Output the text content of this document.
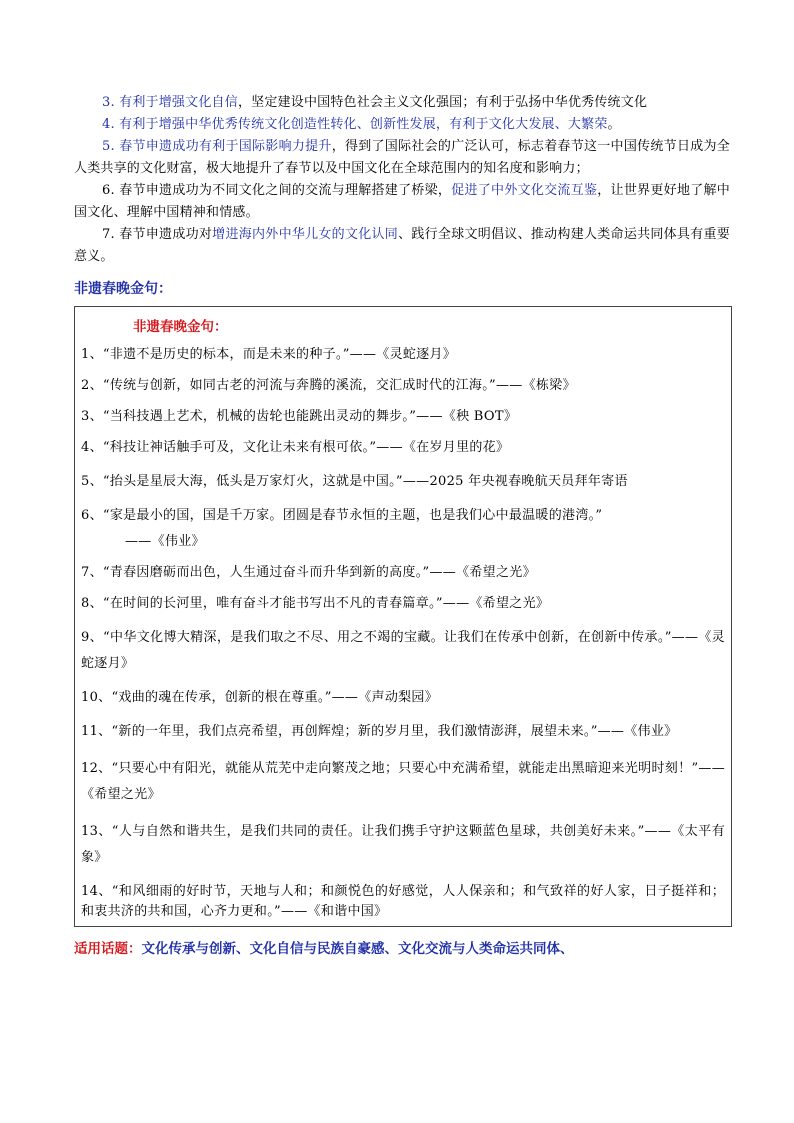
3. 有利于增强文化自信，坚定建设中国特色社会主义文化强国；有利于弘扬中华优秀传统文化

4. 有利于增强中华优秀传统文化创造性转化、创新性发展，有利于文化大发展、大繁荣。

5. 春节申遗成功有利于国际影响力提升，得到了国际社会的广泛认可，标志着春节这一中国传统节日成为全人类共享的文化财富，极大地提升了春节以及中国文化在全球范围内的知名度和影响力；

6. 春节申遗成功为不同文化之间的交流与理解搭建了桥梁，促进了中外文化交流互鉴，让世界更好地了解中国文化、理解中国精神和情感。

7. 春节申遗成功对增进海内外中华儿女的文化认同、践行全球文明倡议、推动构建人类命运共同体具有重要意义。

非遗春晚金句：
非遗春晚金句：

1、“非遗不是历史的标本，而是未来的种子。”——《灵蛇逐月》

2、“传统与创新，如同古老的河流与奔腾的溪流，交汇成时代的江海。”——《栋梁》

3、“当科技遇上艺术，机械的齿轮也能跳出灵动的舞步。”——《秧 BOT》

4、“科技让神话触手可及，文化让未来有根可依。”——《在岁月里的花》

5、“抬头是星辰大海，低头是万家灯火，这就是中国。”——2025 年央视春晚航天员拜年寄语

6、“家是最小的国，国是千万家。团圆是春节永恒的主题，也是我们心中最温暖的港湾。”

——《伟业》

7、“青春因磨砺而出色，人生通过奋斗而升华到新的高度。”——《希望之光》

8、“在时间的长河里，唯有奋斗才能书写出不凡的青春篇章。”——《希望之光》

9、“中华文化博大精深，是我们取之不尽、用之不竭的宝藏。让我们在传承中创新，在创新中传承。”——《灵蛇逐月》

10、“戏曲的魂在传承，创新的根在尊重。”——《声动梨园》

11、“新的一年里，我们点亮希望，再创辉煌；新的岁月里，我们激情澎湃，展望未来。”——《伟业》

12、“只要心中有阳光，就能从荒芜中走向繁茂之地；只要心中充满希望，就能走出黑暗迎来光明时刻！”——《希望之光》

13、“人与自然和谐共生，是我们共同的责任。让我们携手守护这颗蓝色星球，共创美好未来。”——《太平有象》

14、“和风细雨的好时节，天地与人和；和颜悦色的好感觉，人人保亲和；和气致祥的好人家，日子挺祥和；和衷共济的共和国，心齐力更和。”——《和谐中国》

适用话题：文化传承与创新、文化自信与民族自豪感、文化交流与人类命运共同体、
